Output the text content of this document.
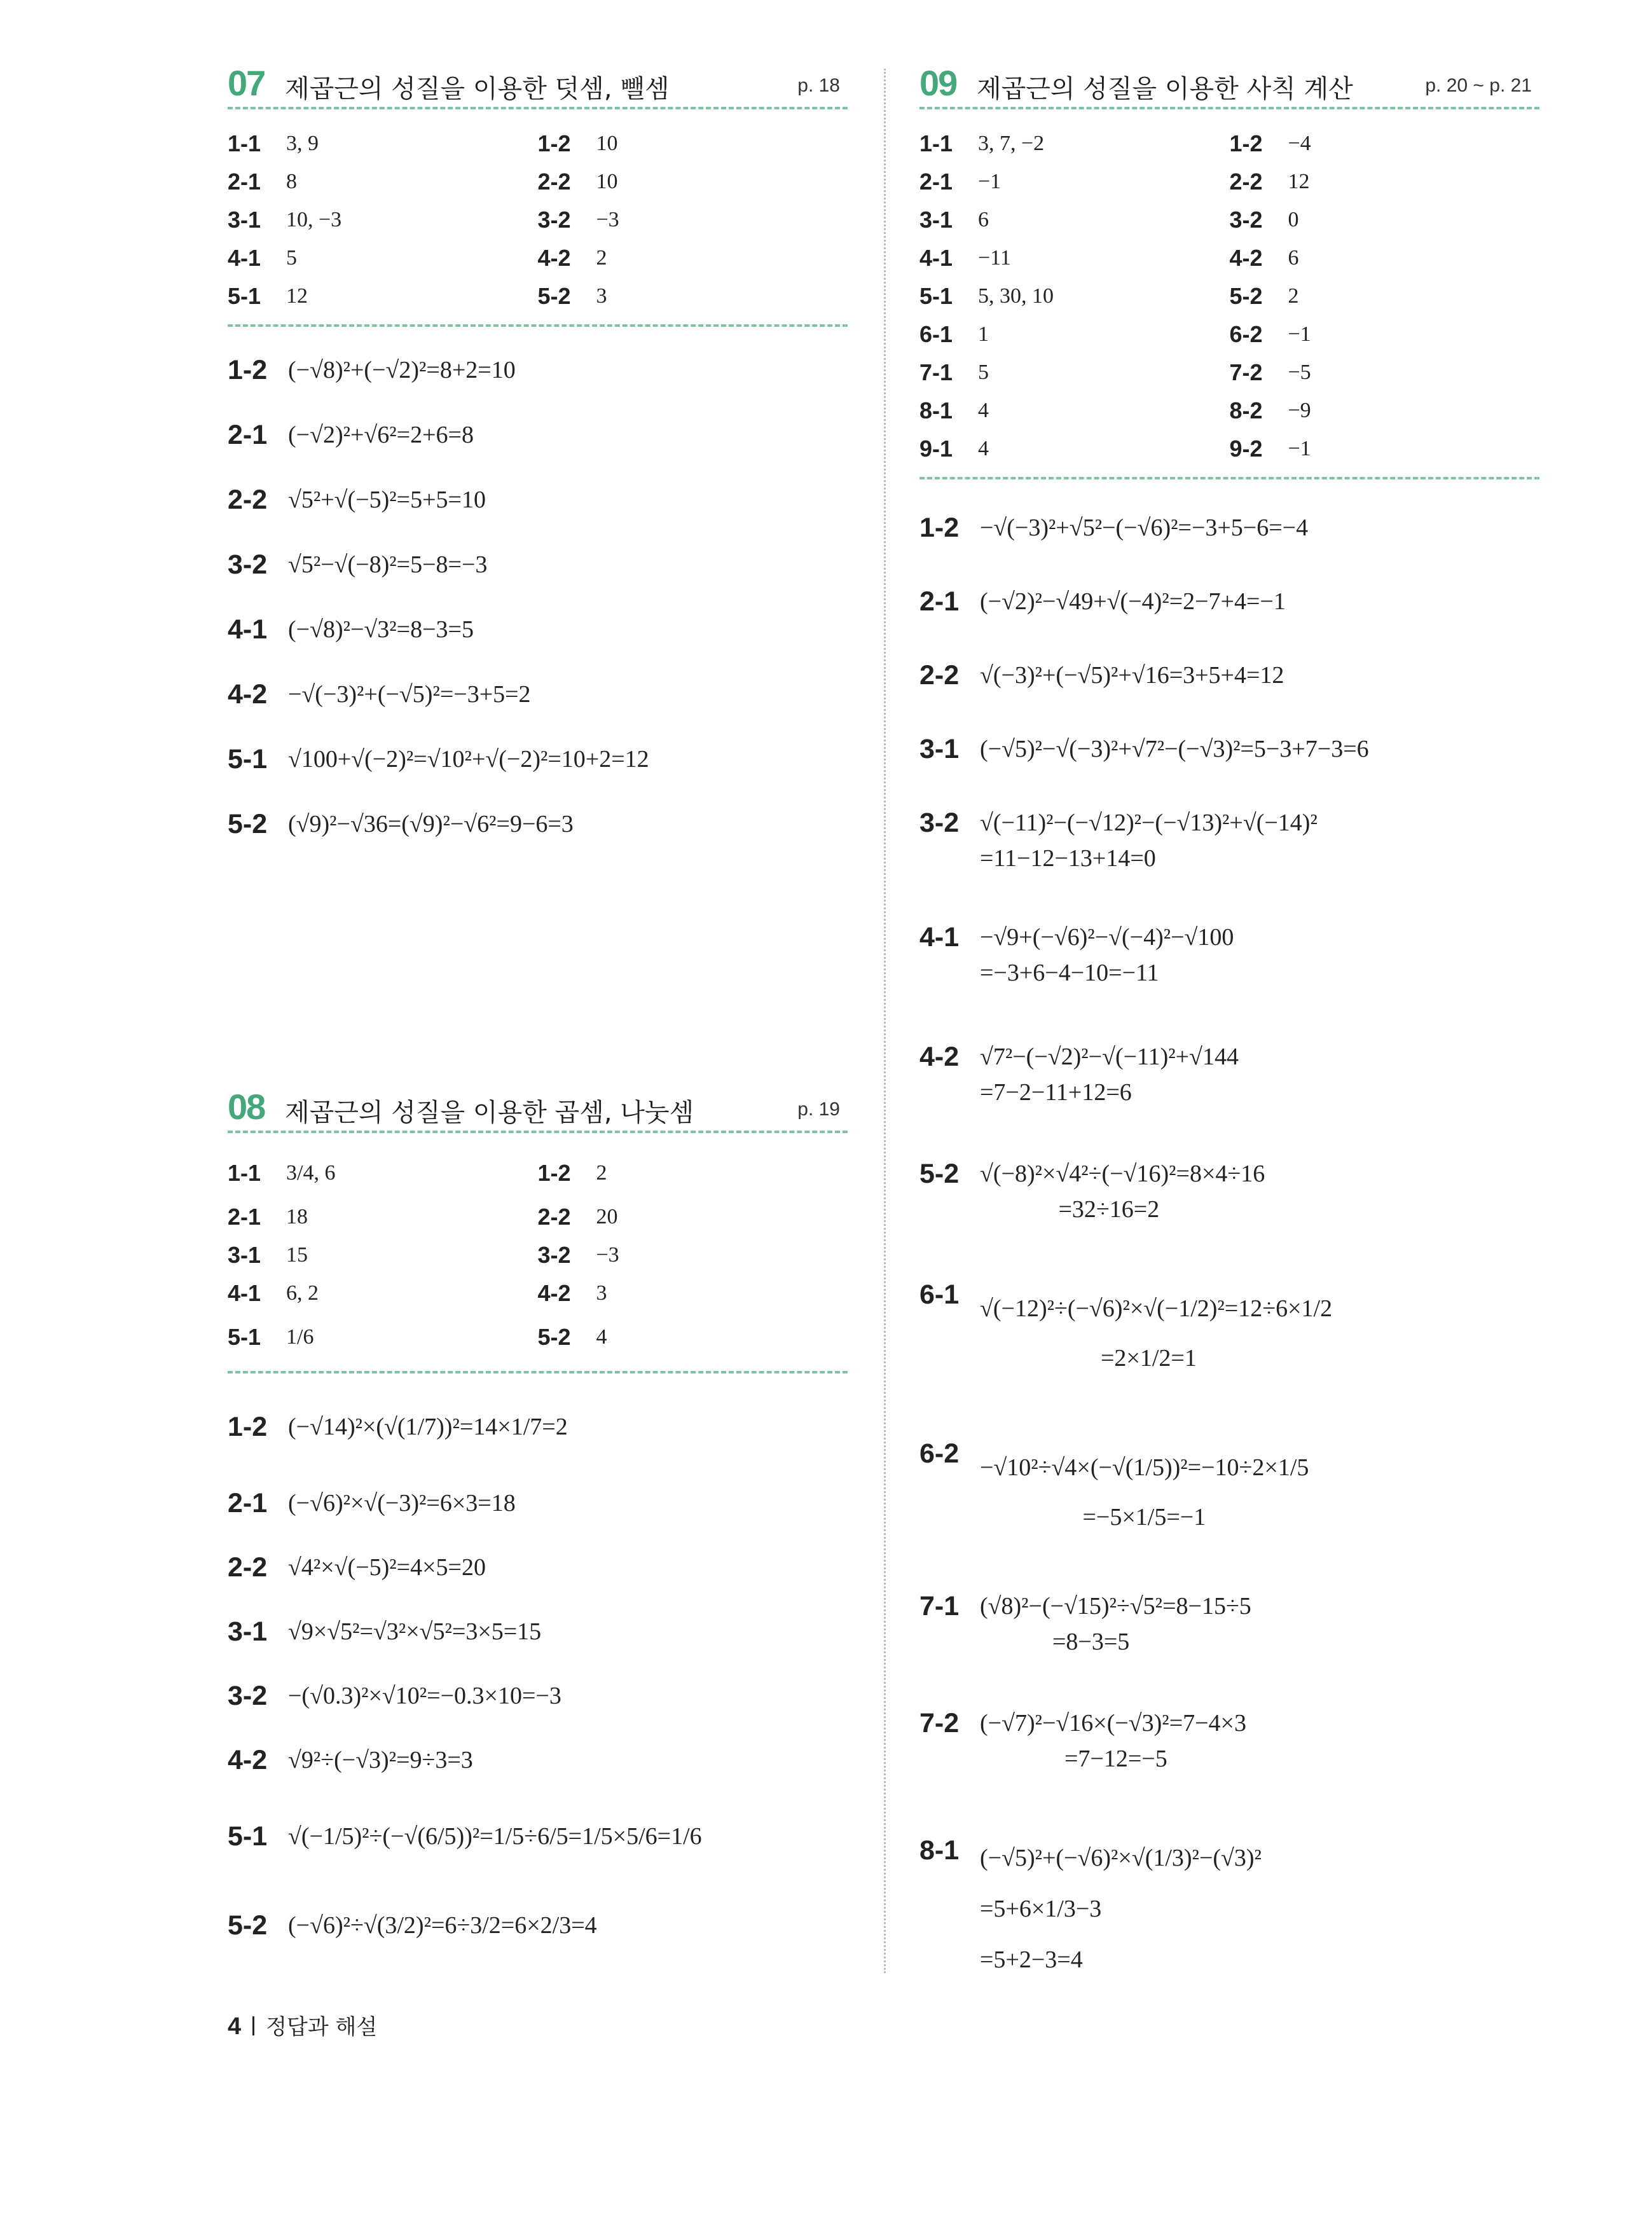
07 제곱근의 성질을 이용한 덧셈, 뺄셈	p. 18
1-1	3, 9	1-2	10
2-1	8	2-2	10
3-1	10, −3	3-2	−3
4-1	5	4-2	2
5-1	12	5-2	3
1-2 (−√8)²+(−√2)²=8+2=10
2-1 (−√2)²+√6²=2+6=8
2-2 √5²+√(−5)²=5+5=10
3-2 √5²−√(−8)²=5−8=−3
4-1 (−√8)²−√3²=8−3=5
4-2 −√(−3)²+(−√5)²=−3+5=2
5-1 √100+√(−2)²=√10²+√(−2)²=10+2=12
5-2 (√9)²−√36=(√9)²−√6²=9−6=3
08 제곱근의 성질을 이용한 곱셈, 나눗셈	p. 19
1-1	3/4, 6	1-2	2
2-1	18	2-2	20
3-1	15	3-2	−3
4-1	6, 2	4-2	3
5-1	1/6	5-2	4
1-2 (−√14)²×(√(1/7))²=14×1/7=2
2-1 (−√6)²×√(−3)²=6×3=18
2-2 √4²×√(−5)²=4×5=20
3-1 √9×√5²=√3²×√5²=3×5=15
3-2 −(√0.3)²×√10²=−0.3×10=−3
4-2 √9²÷(−√3)²=9÷3=3
5-1 √(−1/5)²÷(−√(6/5))²=1/5÷6/5=1/5×5/6=1/6
5-2 (−√6)²÷√(3/2)²=6÷3/2=6×2/3=4
09 제곱근의 성질을 이용한 사칙 계산	p. 20 ~ p. 21
1-1	3, 7, −2	1-2	−4
2-1	−1	2-2	12
3-1	6	3-2	0
4-1	−11	4-2	6
5-1	5, 30, 10	5-2	2
6-1	1	6-2	−1
7-1	5	7-2	−5
8-1	4	8-2	−9
9-1	4	9-2	−1
1-2 −√(−3)²+√5²−(−√6)²=−3+5−6=−4
2-1 (−√2)²−√49+√(−4)²=2−7+4=−1
2-2 √(−3)²+(−√5)²+√16=3+5+4=12
3-1 (−√5)²−√(−3)²+√7²−(−√3)²=5−3+7−3=6
3-2 √(−11)²−(−√12)²−(−√13)²+√(−14)²
=11−12−13+14=0
4-1 −√9+(−√6)²−√(−4)²−√100
=−3+6−4−10=−11
4-2 √7²−(−√2)²−√(−11)²+√144
=7−2−11+12=6
5-2 √(−8)²×√4²÷(−√16)²=8×4÷16
=32÷16=2
6-1 √(−12)²÷(−√6)²×√(−1/2)²=12÷6×1/2
=2×1/2=1
6-2 −√10²÷√4×(−√(1/5))²=−10÷2×1/5
=−5×1/5=−1
7-1 (√8)²−(−√15)²÷√5²=8−15÷5
=8−3=5
7-2 (−√7)²−√16×(−√3)²=7−4×3
=7−12=−5
8-1 (−√5)²+(−√6)²×√(1/3)²−(√3)²
=5+6×1/3−3
=5+2−3=4
4 정답과 해설
